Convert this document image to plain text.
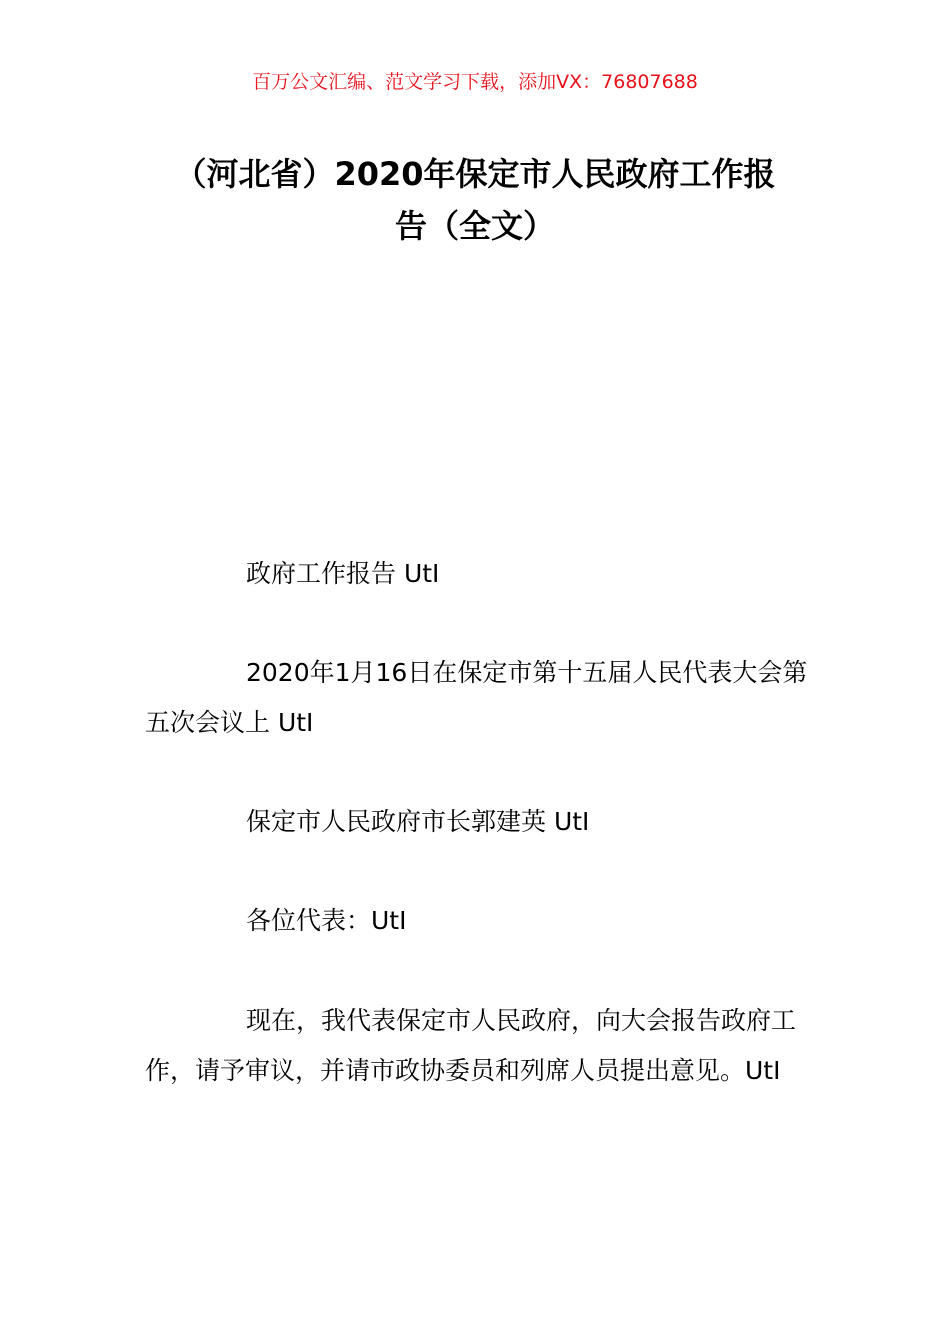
百万公文汇编、范文学习下载，添加VX：76807688
（河北省）2020年保定市人民政府工作报
告（全文）

政府工作报告 UtI

2020年1月16日在保定市第十五届人民代表大会第五次会议上 UtI

保定市人民政府市长郭建英 UtI

各位代表：UtI

现在，我代表保定市人民政府，向大会报告政府工作，请予审议，并请市政协委员和列席人员提出意见。UtI
